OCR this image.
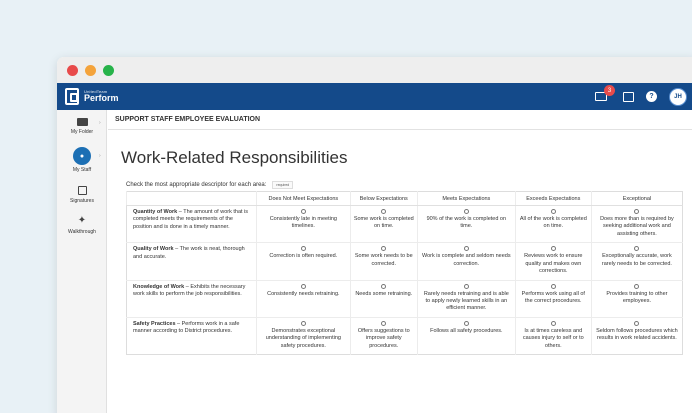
UnitedTeam
Perform
3
?	JH
My Folder
›
●
My Staff
›
Signatures
✦
Walkthrough
SUPPORT STAFF EMPLOYEE EVALUATION
Work-Related Responsibilities
Check the most appropriate descriptor for each area:	required
	Does Not Meet Expectations	Below Expectations	Meets Expectations	Exceeds Expectations	Exceptional
Quantity of Work – The amount of work that is completed meets the requirements of the position and is done in a timely manner.	Consistently late in meeting timelines.	Some work is completed on time.	90% of the work is completed on time.	All of the work is completed on time.	Does more than is required by seeking additional work and assisting others.
Quality of Work – The work is neat, thorough and accurate.	Correction is often required.	Some work needs to be corrected.	Work is complete and seldom needs correction.	Reviews work to ensure quality and makes own corrections.	Exceptionally accurate, work rarely needs to be corrected.
Knowledge of Work – Exhibits the necessary work skills to perform the job responsibilities.	Consistently needs retraining.	Needs some retraining.	Rarely needs retraining and is able to apply newly learned skills in an efficient manner.	Performs work using all of the correct procedures.	Provides training to other employees.
Safety Practices – Performs work in a safe manner according to District procedures.	Demonstrates exceptional understanding of implementing safety procedures.	Offers suggestions to improve safety procedures.	Follows all safety procedures.	Is at times careless and causes injury to self or to others.	Seldom follows procedures which results in work related accidents.
